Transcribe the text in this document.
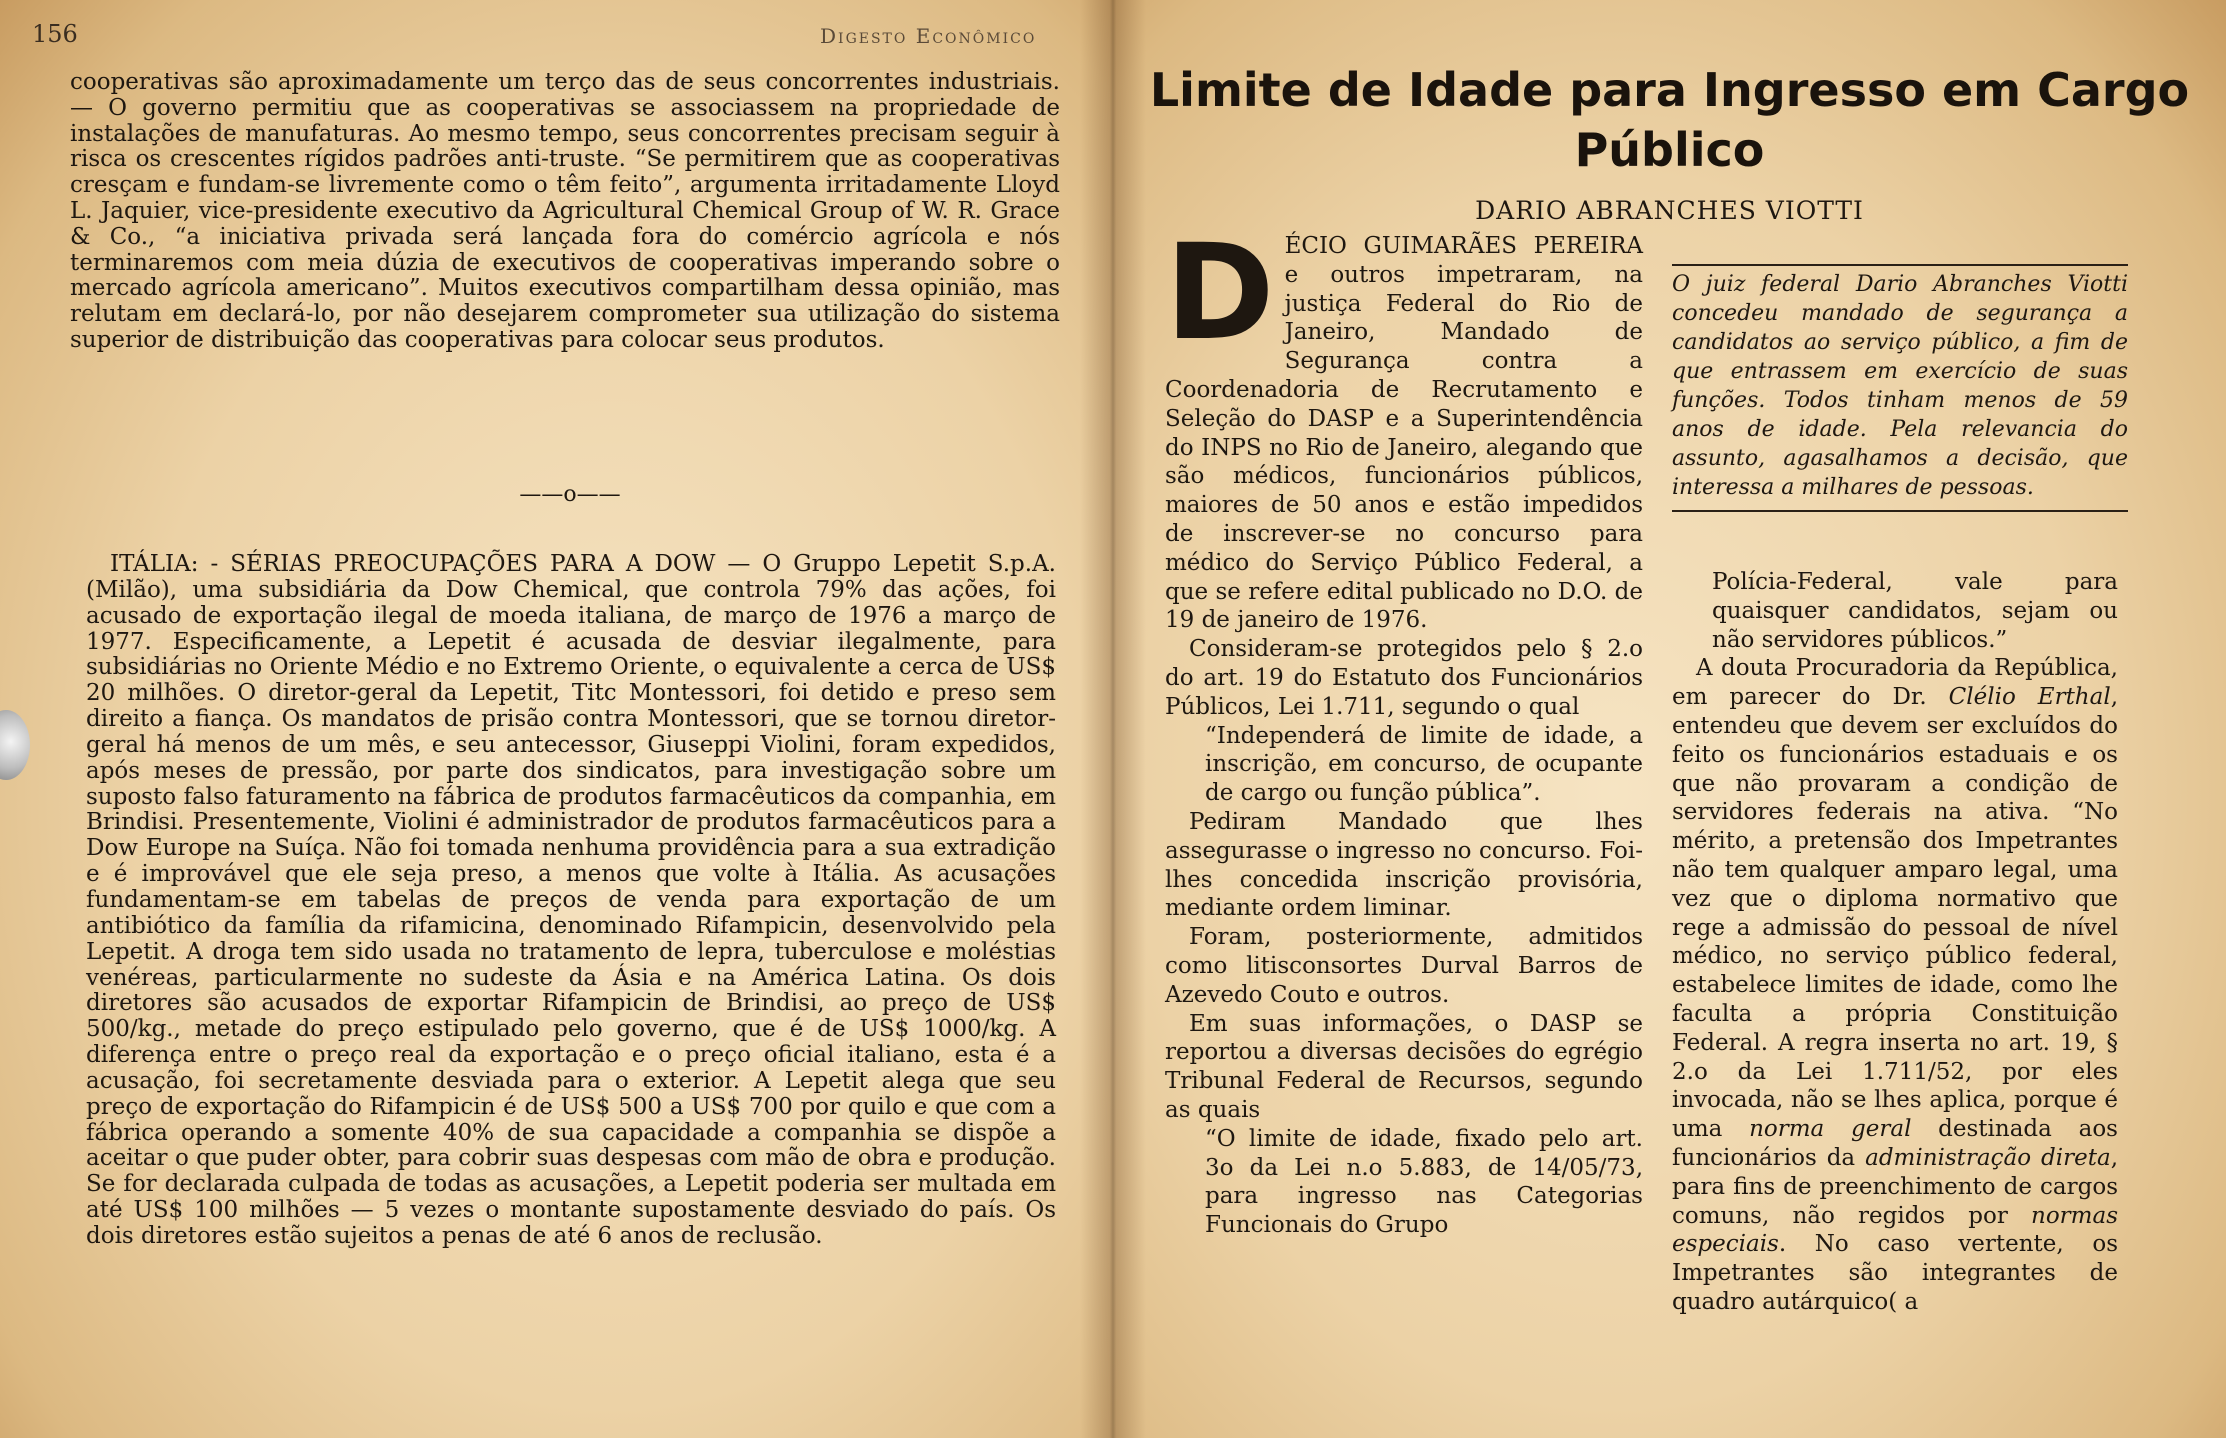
156	Digesto Econômico

cooperativas são aproximadamente um terço das de seus concorrentes industriais. — O governo permitiu que as cooperativas se associassem na propriedade de instalações de manufaturas. Ao mesmo tempo, seus concorrentes precisam seguir à risca os crescentes rígidos padrões anti-truste. “Se permitirem que as cooperativas cresçam e fundam-se livremente como o têm feito”, argumenta irritadamente Lloyd L. Jaquier, vice-presidente executivo da Agricultural Chemical Group of W. R. Grace & Co., “a iniciativa privada será lançada fora do comércio agrícola e nós terminaremos com meia dúzia de executivos de cooperativas imperando sobre o mercado agrícola americano”. Muitos executivos compartilham dessa opinião, mas relutam em declará-lo, por não desejarem comprometer sua utilização do sistema superior de distribuição das cooperativas para colocar seus produtos.

——o——

ITÁLIA: - SÉRIAS PREOCUPAÇÕES PARA A DOW — O Gruppo Lepetit S.p.A. (Milão), uma subsidiária da Dow Chemical, que controla 79% das ações, foi acusado de exportação ilegal de moeda italiana, de março de 1976 a março de 1977. Especificamente, a Lepetit é acusada de desviar ilegalmente, para subsidiárias no Oriente Médio e no Extremo Oriente, o equivalente a cerca de US$ 20 milhões. O diretor-geral da Lepetit, Titc Montessori, foi detido e preso sem direito a fiança. Os mandatos de prisão contra Montessori, que se tornou diretor-geral há menos de um mês, e seu antecessor, Giuseppi Violini, foram expedidos, após meses de pressão, por parte dos sindicatos, para investigação sobre um suposto falso faturamento na fábrica de produtos farmacêuticos da companhia, em Brindisi. Presentemente, Violini é administrador de produtos farmacêuticos para a Dow Europe na Suíça. Não foi tomada nenhuma providência para a sua extradição e é improvável que ele seja preso, a menos que volte à Itália. As acusações fundamentam-se em tabelas de preços de venda para exportação de um antibiótico da família da rifamicina, denominado Rifampicin, desenvolvido pela Lepetit. A droga tem sido usada no tratamento de lepra, tuberculose e moléstias venéreas, particularmente no sudeste da Ásia e na América Latina. Os dois diretores são acusados de exportar Rifampicin de Brindisi, ao preço de US$ 500/kg., metade do preço estipulado pelo governo, que é de US$ 1000/kg. A diferença entre o preço real da exportação e o preço oficial italiano, esta é a acusação, foi secretamente desviada para o exterior. A Lepetit alega que seu preço de exportação do Rifampicin é de US$ 500 a US$ 700 por quilo e que com a fábrica operando a somente 40% de sua capacidade a companhia se dispõe a aceitar o que puder obter, para cobrir suas despesas com mão de obra e produção. Se for declarada culpada de todas as acusações, a Lepetit poderia ser multada em até US$ 100 milhões — 5 vezes o montante supostamente desviado do país. Os dois diretores estão sujeitos a penas de até 6 anos de reclusão.

Limite de Idade para Ingresso em Cargo Público
DARIO ABRANCHES VIOTTI
D ÉCIO GUIMARÃES PEREIRA e outros impetraram, na justiça Federal do Rio de Janeiro, Mandado de Segurança contra a Coordenadoria de Recrutamento e Seleção do DASP e a Superintendência do INPS no Rio de Janeiro, alegando que são médicos, funcionários públicos, maiores de 50 anos e estão impedidos de inscrever-se no concurso para médico do Serviço Público Federal, a que se refere edital publicado no D.O. de 19 de janeiro de 1976.

Consideram-se protegidos pelo § 2.o do art. 19 do Estatuto dos Funcionários Públicos, Lei 1.711, segundo o qual

“Independerá de limite de idade, a inscrição, em concurso, de ocupante de cargo ou função pública”.

Pediram Mandado que lhes assegurasse o ingresso no concurso. Foi-lhes concedida inscrição provisória, mediante ordem liminar.

Foram, posteriormente, admitidos como litisconsortes Durval Barros de Azevedo Couto e outros.

Em suas informações, o DASP se reportou a diversas decisões do egrégio Tribunal Federal de Recursos, segundo as quais

“O limite de idade, fixado pelo art. 3o da Lei n.o 5.883, de 14/05/73, para ingresso nas Categorias Funcionais do Grupo

O juiz federal Dario Abranches Viotti concedeu mandado de segurança a candidatos ao serviço público, a fim de que entrassem em exercício de suas funções. Todos tinham menos de 59 anos de idade. Pela relevancia do assunto, agasalhamos a decisão, que interessa a milhares de pessoas.

Polícia-Federal, vale para quaisquer candidatos, sejam ou não servidores públicos.”

A douta Procuradoria da República, em parecer do Dr. Clélio Erthal, entendeu que devem ser excluídos do feito os funcionários estaduais e os que não provaram a condição de servidores federais na ativa. “No mérito, a pretensão dos Impetrantes não tem qualquer amparo legal, uma vez que o diploma normativo que rege a admissão do pessoal de nível médico, no serviço público federal, estabelece limites de idade, como lhe faculta a própria Constituição Federal. A regra inserta no art. 19, § 2.o da Lei 1.711/52, por eles invocada, não se lhes aplica, porque é uma norma geral destinada aos funcionários da administração direta, para fins de preenchimento de cargos comuns, não regidos por normas especiais. No caso vertente, os Impetrantes são integrantes de quadro autárquico( a
